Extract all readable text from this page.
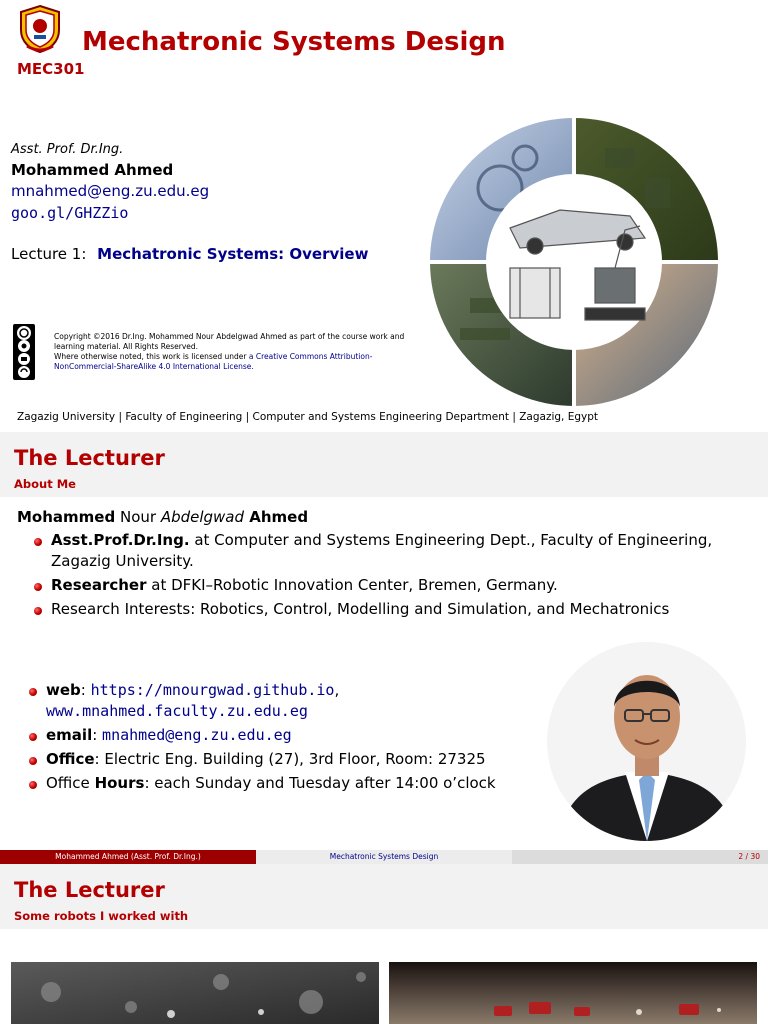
Mechatronic Systems Design
MEC301
Asst. Prof. Dr.Ing.
Mohammed Ahmed
mnahmed@eng.zu.edu.eg
goo.gl/GHZZio
Lecture 1: Mechatronic Systems: Overview
Copyright ©2016 Dr.Ing. Mohammed Nour Abdelgwad Ahmed as part of the course work and learning material. All Rights Reserved.
Where otherwise noted, this work is licensed under a Creative Commons Attribution-NonCommercial-ShareAlike 4.0 International License.
Zagazig University | Faculty of Engineering | Computer and Systems Engineering Department | Zagazig, Egypt
The Lecturer
About Me
Mohammed Nour Abdelgwad Ahmed
Asst.Prof.Dr.Ing. at Computer and Systems Engineering Dept., Faculty of Engineering, Zagazig University.
Researcher at DFKI–Robotic Innovation Center, Bremen, Germany.
Research Interests: Robotics, Control, Modelling and Simulation, and Mechatronics
web: https://mnourgwad.github.io,
www.mnahmed.faculty.zu.edu.eg
email: mnahmed@eng.zu.edu.eg
Office: Electric Eng. Building (27), 3rd Floor, Room: 27325
Office Hours: each Sunday and Tuesday after 14:00 o’clock
Mohammed Ahmed (Asst. Prof. Dr.Ing.)	Mechatronic Systems Design	2 / 30
The Lecturer
Some robots I worked with
